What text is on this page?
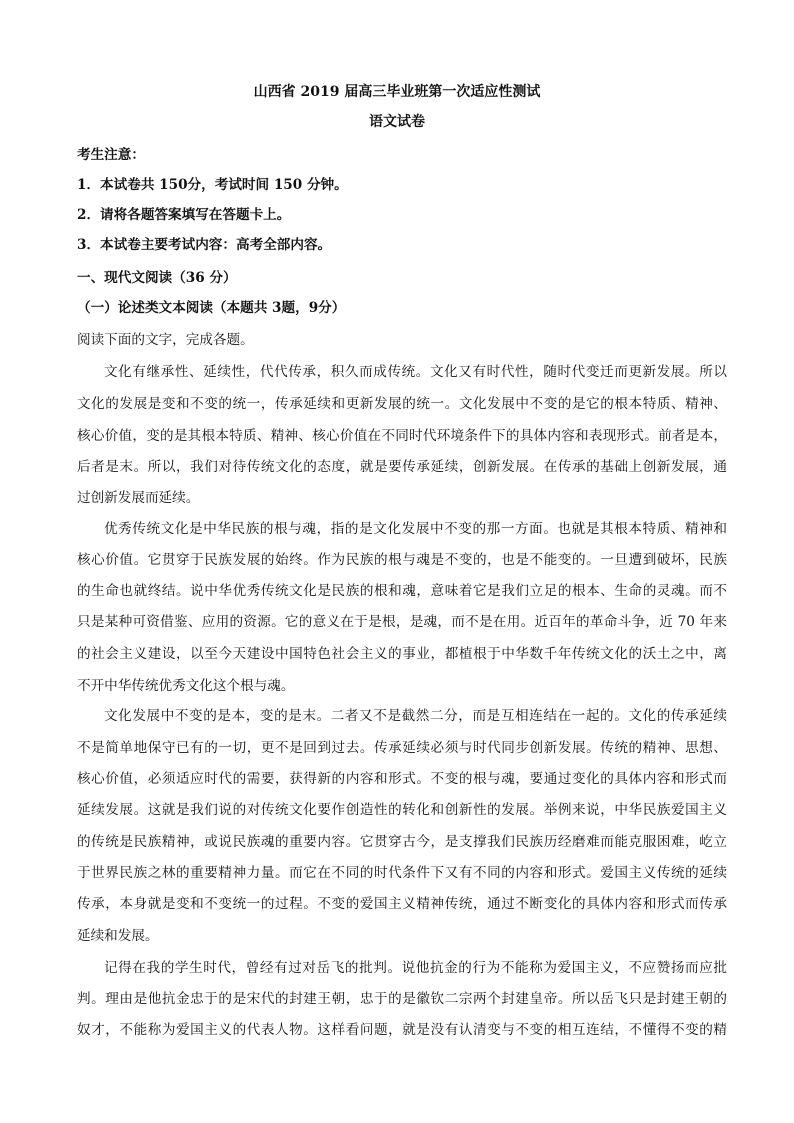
山西省 2019 届高三毕业班第一次适应性测试
语文试卷
考生注意：
1．本试卷共 150分，考试时间 150 分钟。
2．请将各题答案填写在答题卡上。
3．本试卷主要考试内容：高考全部内容。
一、现代文阅读（36 分）
（一）论述类文本阅读（本题共 3题，9分）
阅读下面的文字，完成各题。
文化有继承性、延续性，代代传承，积久而成传统。文化又有时代性，随时代变迁而更新发展。所以
文化的发展是变和不变的统一，传承延续和更新发展的统一。文化发展中不变的是它的根本特质、精神、
核心价值，变的是其根本特质、精神、核心价值在不同时代环境条件下的具体内容和表现形式。前者是本，
后者是末。所以，我们对待传统文化的态度，就是要传承延续，创新发展。在传承的基础上创新发展，通
过创新发展而延续。
优秀传统文化是中华民族的根与魂，指的是文化发展中不变的那一方面。也就是其根本特质、精神和
核心价值。它贯穿于民族发展的始终。作为民族的根与魂是不变的，也是不能变的。一旦遭到破坏，民族
的生命也就终结。说中华优秀传统文化是民族的根和魂，意味着它是我们立足的根本、生命的灵魂。而不
只是某种可资借鉴、应用的资源。它的意义在于是根，是魂，而不是在用。近百年的革命斗争，近 70 年来
的社会主义建设，以至今天建设中国特色社会主义的事业，都植根于中华数千年传统文化的沃土之中，离
不开中华传统优秀文化这个根与魂。
文化发展中不变的是本，变的是末。二者又不是截然二分，而是互相连结在一起的。文化的传承延续
不是简单地保守已有的一切，更不是回到过去。传承延续必须与时代同步创新发展。传统的精神、思想、
核心价值，必须适应时代的需要，获得新的内容和形式。不变的根与魂，要通过变化的具体内容和形式而
延续发展。这就是我们说的对传统文化要作创造性的转化和创新性的发展。举例来说，中华民族爱国主义
的传统是民族精神，或说民族魂的重要内容。它贯穿古今，是支撑我们民族历经磨难而能克服困难，屹立
于世界民族之林的重要精神力量。而它在不同的时代条件下又有不同的内容和形式。爱国主义传统的延续
传承，本身就是变和不变统一的过程。不变的爱国主义精神传统，通过不断变化的具体内容和形式而传承
延续和发展。
记得在我的学生时代，曾经有过对岳飞的批判。说他抗金的行为不能称为爱国主义，不应赞扬而应批
判。理由是他抗金忠于的是宋代的封建王朝，忠于的是徽钦二宗两个封建皇帝。所以岳飞只是封建王朝的
奴才，不能称为爱国主义的代表人物。这样看问题，就是没有认清变与不变的相互连结，不懂得不变的精
